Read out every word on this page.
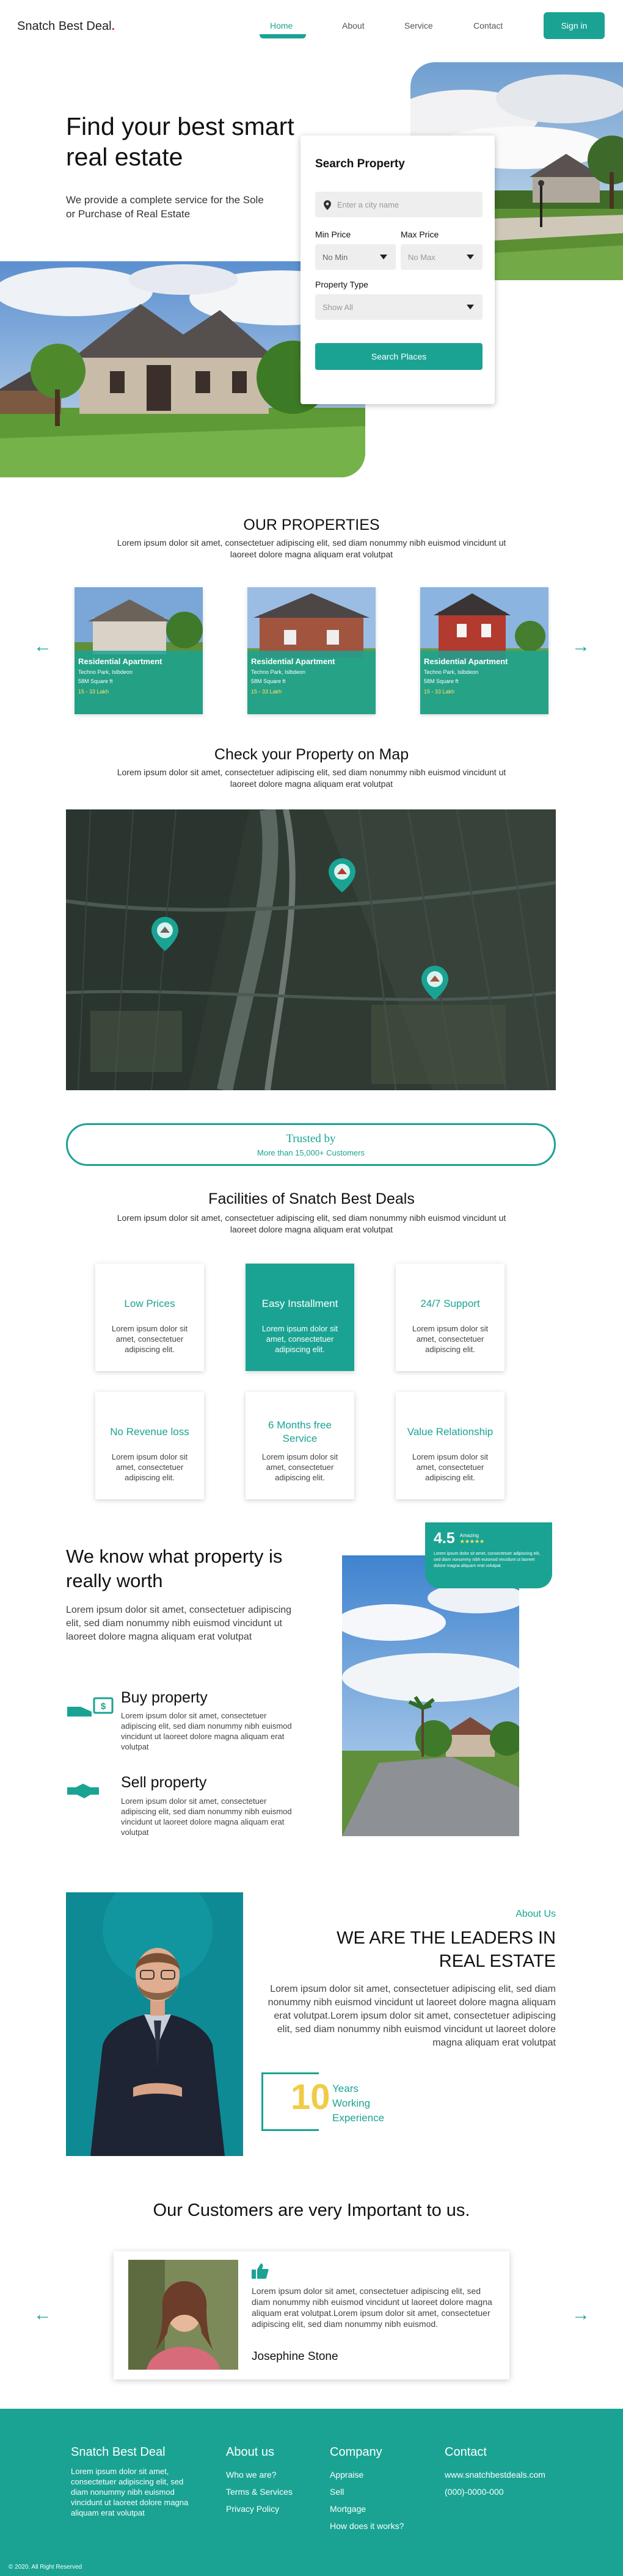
Snatch Best Deal.	Home	About	Service	Contact	Sign in
Find your best smart real estate
We provide a complete service for the Sole or Purchase of Real Estate
Search Property
Enter a city name
Min Price	Max Price
No Min	No Max
Property Type
Show All
Search Places
OUR PROPERTIES
Lorem ipsum dolor sit amet, consectetuer adipiscing elit, sed diam nonummy nibh euismod vincidunt ut laoreet dolore magna aliquam erat volutpat
←	→
Residential Apartment
Techno Park, Islbdeon
58M Square ft
15 - 33 Lakh
Residential Apartment
Techno Park, Islbdeon
58M Square ft
15 - 33 Lakh
Residential Apartment
Techno Park, Islbdeon
58M Square ft
15 - 33 Lakh
Check your Property on Map
Lorem ipsum dolor sit amet, consectetuer adipiscing elit, sed diam nonummy nibh euismod vincidunt ut laoreet dolore magna aliquam erat volutpat
Trusted by
More than 15,000+ Customers
Facilities of Snatch Best Deals
Lorem ipsum dolor sit amet, consectetuer adipiscing elit, sed diam nonummy nibh euismod vincidunt ut laoreet dolore magna aliquam erat volutpat
Low Prices
Lorem ipsum dolor sit amet, consectetuer adipiscing elit.
Easy Installment
Lorem ipsum dolor sit amet, consectetuer adipiscing elit.
24/7 Support
Lorem ipsum dolor sit amet, consectetuer adipiscing elit.
No Revenue loss
Lorem ipsum dolor sit amet, consectetuer adipiscing elit.
6 Months free Service
Lorem ipsum dolor sit amet, consectetuer adipiscing elit.
Value Relationship
Lorem ipsum dolor sit amet, consectetuer adipiscing elit.
We know what property is really worth
Lorem ipsum dolor sit amet, consectetuer adipiscing elit, sed diam nonummy nibh euismod vincidunt ut laoreet dolore magna aliquam erat volutpat
$
Buy property
Lorem ipsum dolor sit amet, consectetuer adipiscing elit, sed diam nonummy nibh euismod vincidunt ut laoreet dolore magna aliquam erat volutpat
Sell property
Lorem ipsum dolor sit amet, consectetuer adipiscing elit, sed diam nonummy nibh euismod vincidunt ut laoreet dolore magna aliquam erat volutpat
4.5 Amazing
★★★★★
Lorem ipsum dolor sit amet, consectetuer adipiscing elit, sed diam nonummy nibh euismod vincidunt ut laoreet dolore magna aliquam erat volutpat
About Us
WE ARE THE LEADERS IN REAL ESTATE
Lorem ipsum dolor sit amet, consectetuer adipiscing elit, sed diam nonummy nibh euismod vincidunt ut laoreet dolore magna aliquam erat volutpat.Lorem ipsum dolor sit amet, consectetuer adipiscing elit, sed diam nonummy nibh euismod vincidunt ut laoreet dolore magna aliquam erat volutpat
10 Years
Working
Experience
Our Customers are very Important to us.
←	→
Lorem ipsum dolor sit amet, consectetuer adipiscing elit, sed diam nonummy nibh euismod vincidunt ut laoreet dolore magna aliquam erat volutpat.Lorem ipsum dolor sit amet, consectetuer adipiscing elit, sed diam nonummy nibh euismod.
Josephine Stone
Snatch Best Deal
Lorem ipsum dolor sit amet, consectetuer adipiscing elit, sed diam nonummy nibh euismod vincidunt ut laoreet dolore magna aliquam erat volutpat
About us
Who we are?
Terms & Services
Privacy Policy
Company
Appraise
Sell
Mortgage
How does it works?
Contact
www.snatchbestdeals.com
(000)-0000-000
© 2020. All Right Reserved
